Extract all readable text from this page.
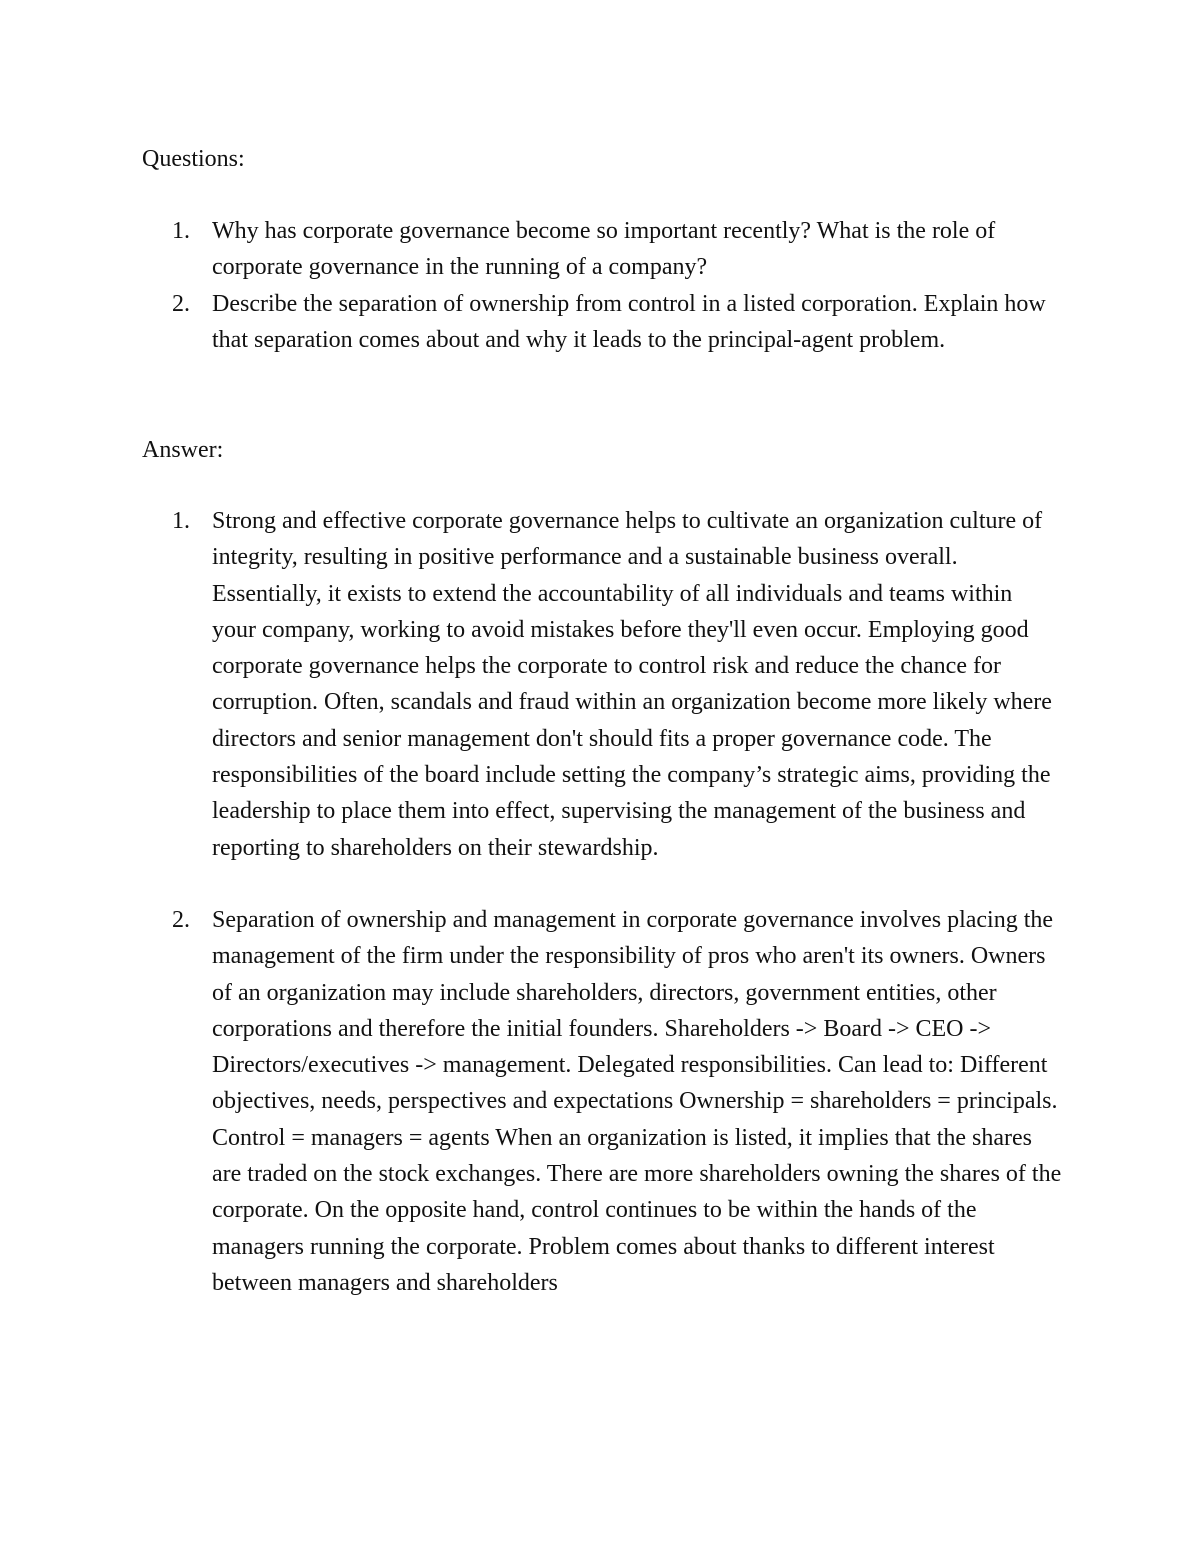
Questions:
1. Why has corporate governance become so important recently? What is the role of corporate governance in the running of a company?
2. Describe the separation of ownership from control in a listed corporation. Explain how that separation comes about and why it leads to the principal-agent problem.
Answer:
1. Strong and effective corporate governance helps to cultivate an organization culture of integrity, resulting in positive performance and a sustainable business overall. Essentially, it exists to extend the accountability of all individuals and teams within your company, working to avoid mistakes before they'll even occur. Employing good corporate governance helps the corporate to control risk and reduce the chance for corruption. Often, scandals and fraud within an organization become more likely where directors and senior management don't should fits a proper governance code. The responsibilities of the board include setting the company’s strategic aims, providing the leadership to place them into effect, supervising the management of the business and reporting to shareholders on their stewardship.
2. Separation of ownership and management in corporate governance involves placing the management of the firm under the responsibility of pros who aren't its owners. Owners of an organization may include shareholders, directors, government entities, other corporations and therefore the initial founders. Shareholders -> Board -> CEO -> Directors/executives -> management. Delegated responsibilities. Can lead to: Different objectives, needs, perspectives and expectations Ownership = shareholders = principals. Control = managers = agents When an organization is listed, it implies that the shares are traded on the stock exchanges. There are more shareholders owning the shares of the corporate. On the opposite hand, control continues to be within the hands of the managers running the corporate. Problem comes about thanks to different interest between managers and shareholders
